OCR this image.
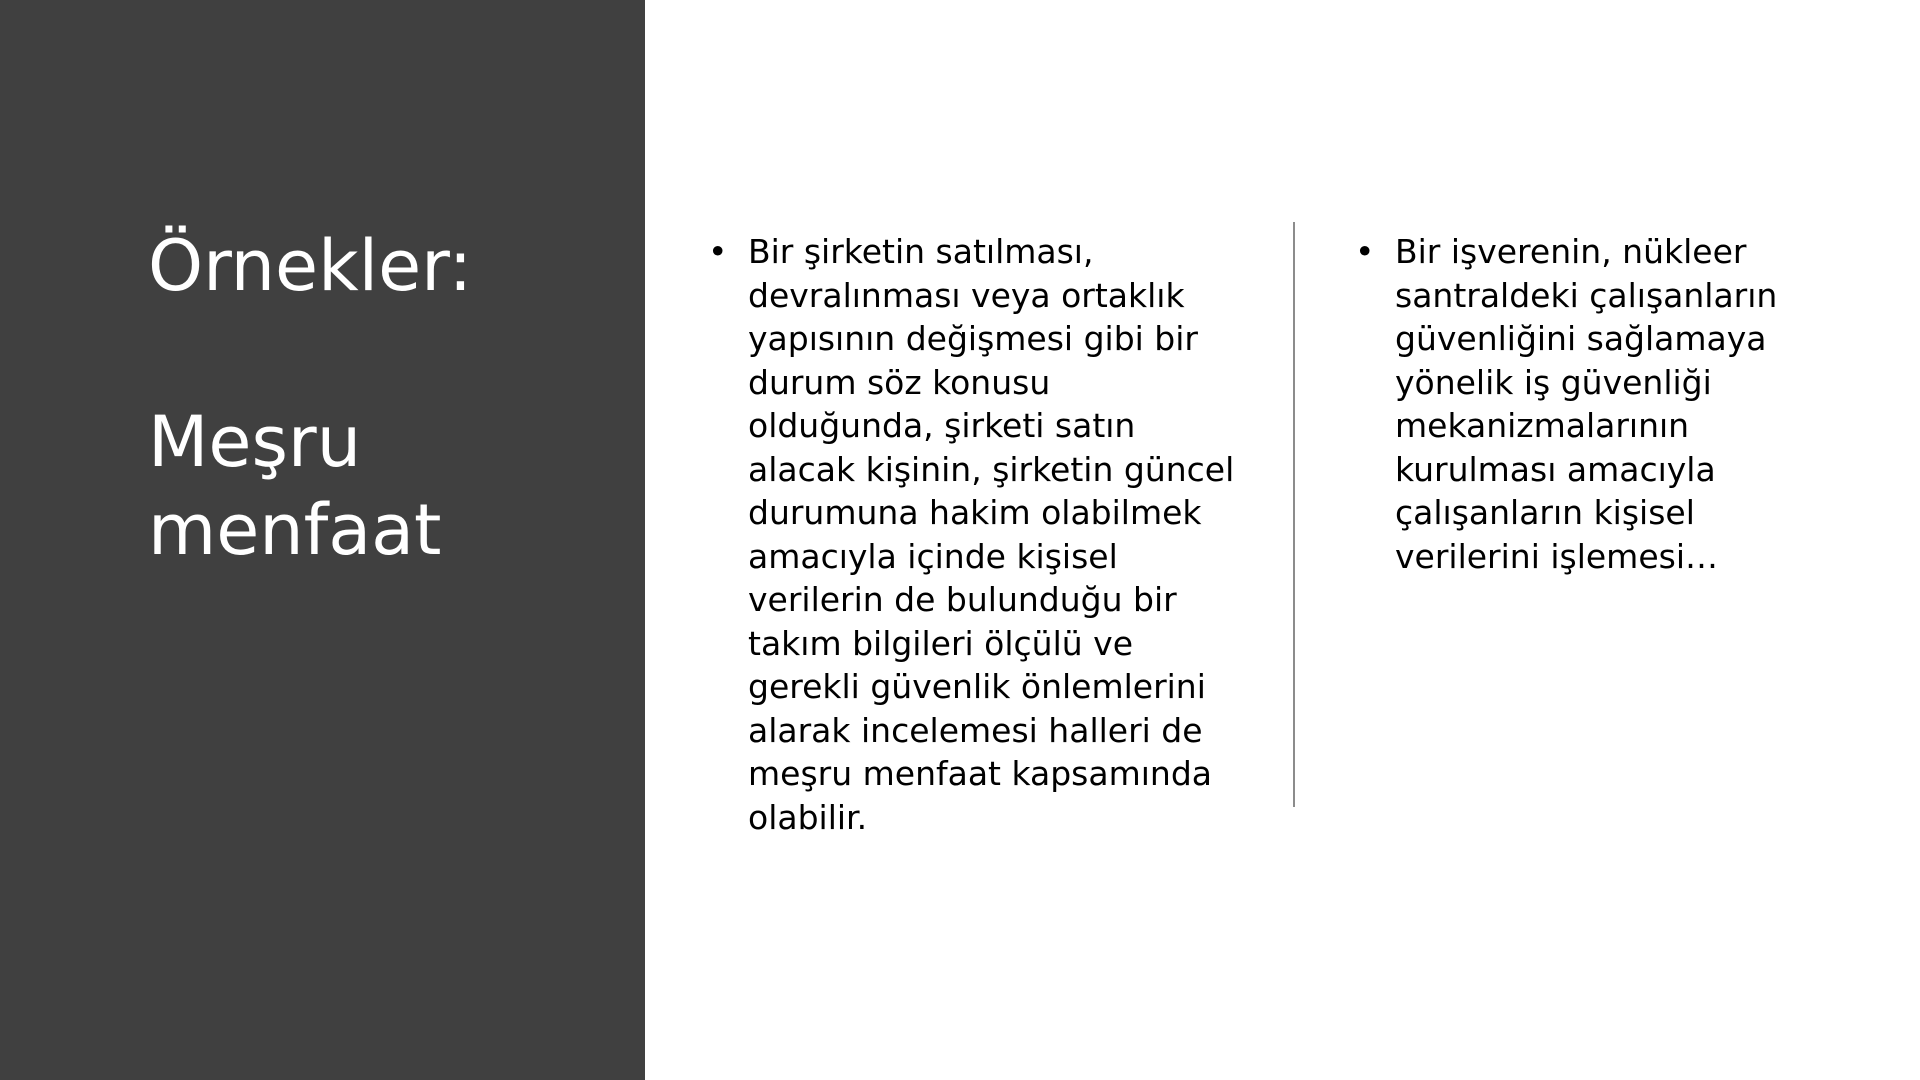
Örnekler:
Meşru
menfaat
• Bir şirketin satılması,
devralınması veya ortaklık
yapısının değişmesi gibi bir
durum söz konusu
olduğunda, şirketi satın
alacak kişinin, şirketin güncel
durumuna hakim olabilmek
amacıyla içinde kişisel
verilerin de bulunduğu bir
takım bilgileri ölçülü ve
gerekli güvenlik önlemlerini
alarak incelemesi halleri de
meşru menfaat kapsamında
olabilir.
• Bir işverenin, nükleer
santraldeki çalışanların
güvenliğini sağlamaya
yönelik iş güvenliği
mekanizmalarının
kurulması amacıyla
çalışanların kişisel
verilerini işlemesi…
